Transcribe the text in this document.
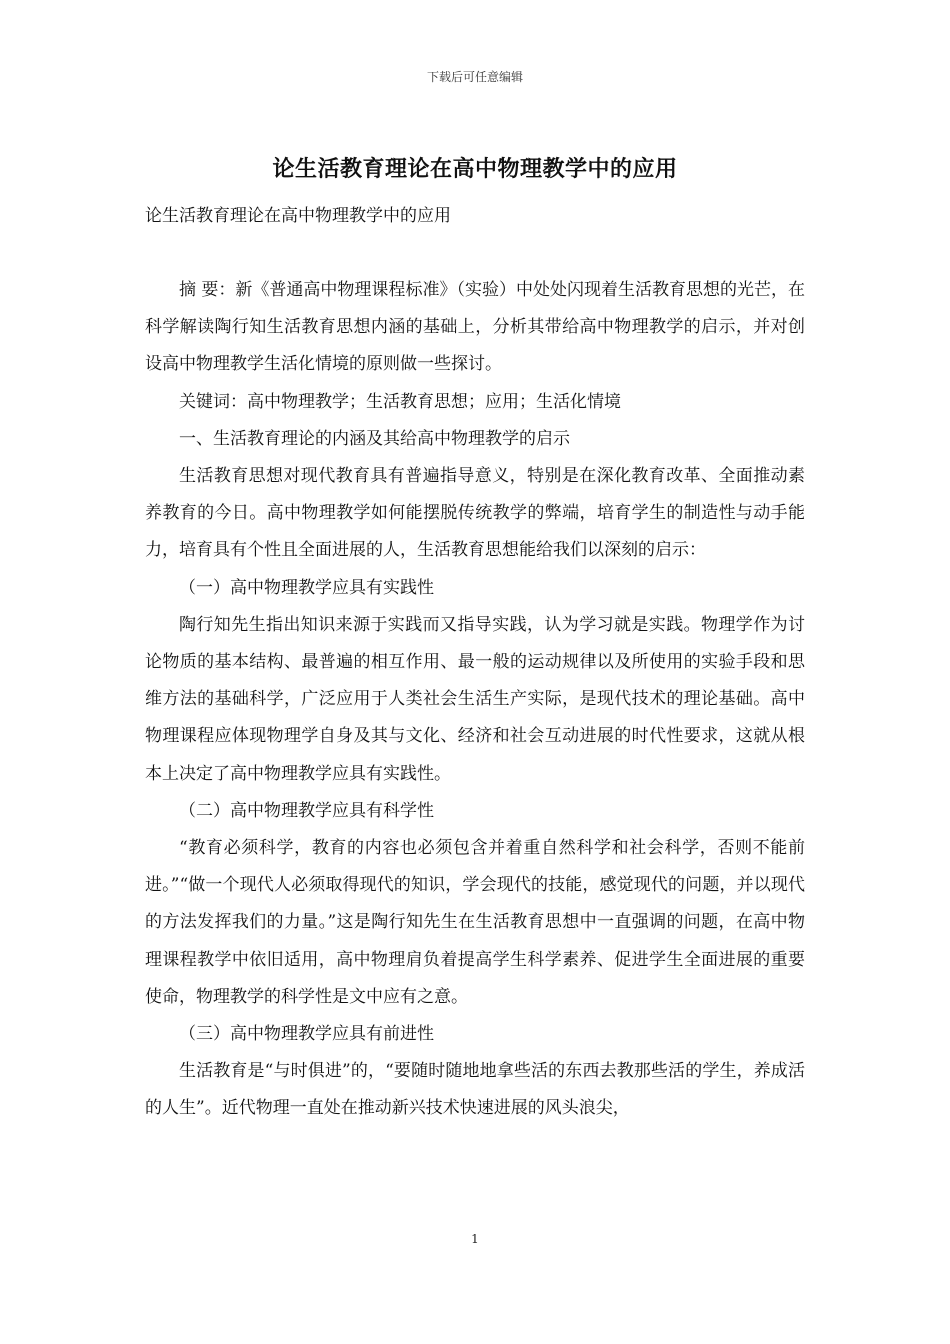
下载后可任意编辑
论生活教育理论在高中物理教学中的应用
论生活教育理论在高中物理教学中的应用

摘 要：新《普通高中物理课程标准》（实验）中处处闪现着生活教育思想的光芒，在科学解读陶行知生活教育思想内涵的基础上，分析其带给高中物理教学的启示，并对创设高中物理教学生活化情境的原则做一些探讨。

关键词：高中物理教学；生活教育思想；应用；生活化情境

一、生活教育理论的内涵及其给高中物理教学的启示

生活教育思想对现代教育具有普遍指导意义，特别是在深化教育改革、全面推动素养教育的今日。高中物理教学如何能摆脱传统教学的弊端，培育学生的制造性与动手能力，培育具有个性且全面进展的人，生活教育思想能给我们以深刻的启示：

（一）高中物理教学应具有实践性

陶行知先生指出知识来源于实践而又指导实践，认为学习就是实践。物理学作为讨论物质的基本结构、最普遍的相互作用、最一般的运动规律以及所使用的实验手段和思维方法的基础科学，广泛应用于人类社会生活生产实际，是现代技术的理论基础。高中物理课程应体现物理学自身及其与文化、经济和社会互动进展的时代性要求，这就从根本上决定了高中物理教学应具有实践性。

（二）高中物理教学应具有科学性

“教育必须科学，教育的内容也必须包含并着重自然科学和社会科学，否则不能前进。”“做一个现代人必须取得现代的知识，学会现代的技能，感觉现代的问题，并以现代的方法发挥我们的力量。”这是陶行知先生在生活教育思想中一直强调的问题，在高中物理课程教学中依旧适用，高中物理肩负着提高学生科学素养、促进学生全面进展的重要使命，物理教学的科学性是文中应有之意。

（三）高中物理教学应具有前进性

生活教育是“与时俱进”的，“要随时随地地拿些活的东西去教那些活的学生，养成活的人生”。近代物理一直处在推动新兴技术快速进展的风头浪尖，

1
